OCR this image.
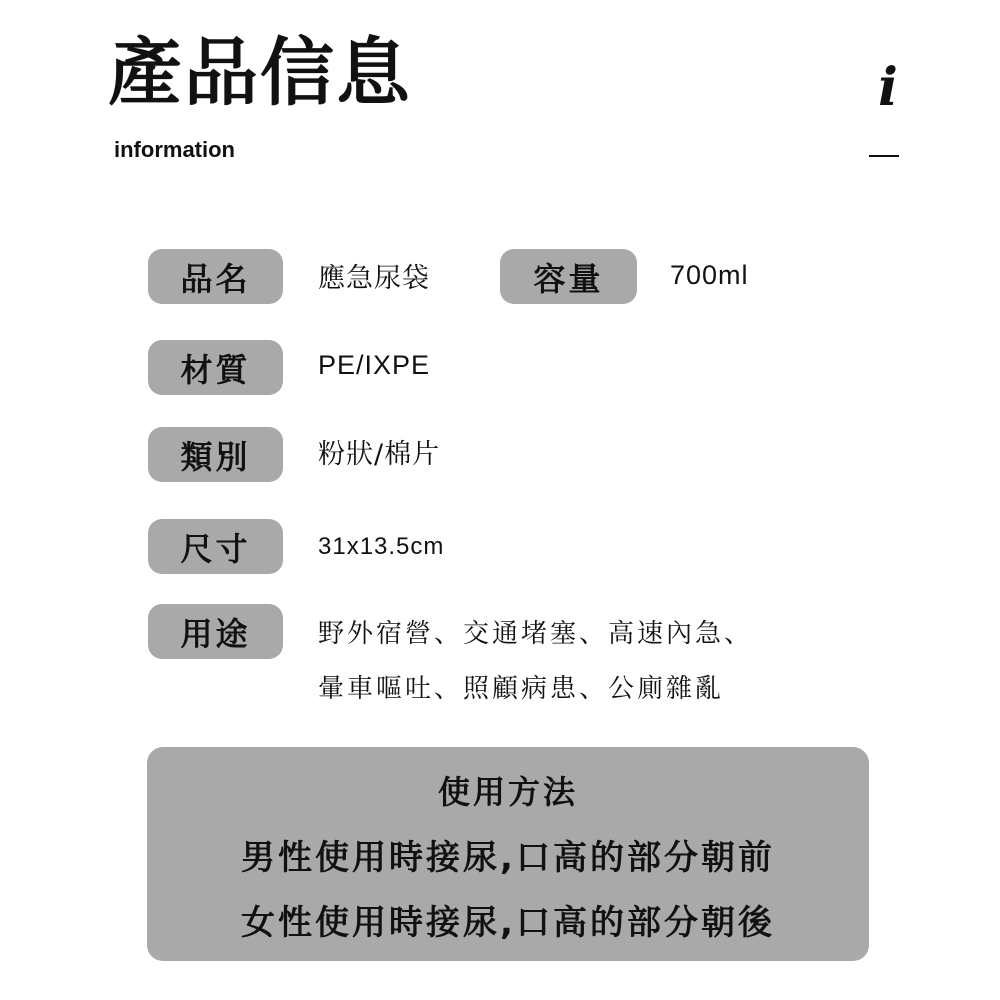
產品信息
information
i
品名	應急尿袋	容量	700ml
材質	PE/IXPE
類別	粉狀/棉片
尺寸	31x13.5cm
用途	野外宿營、交通堵塞、高速內急、
暈車嘔吐、照顧病患、公廁雜亂
使用方法
男性使用時接尿,口高的部分朝前
女性使用時接尿,口高的部分朝後
